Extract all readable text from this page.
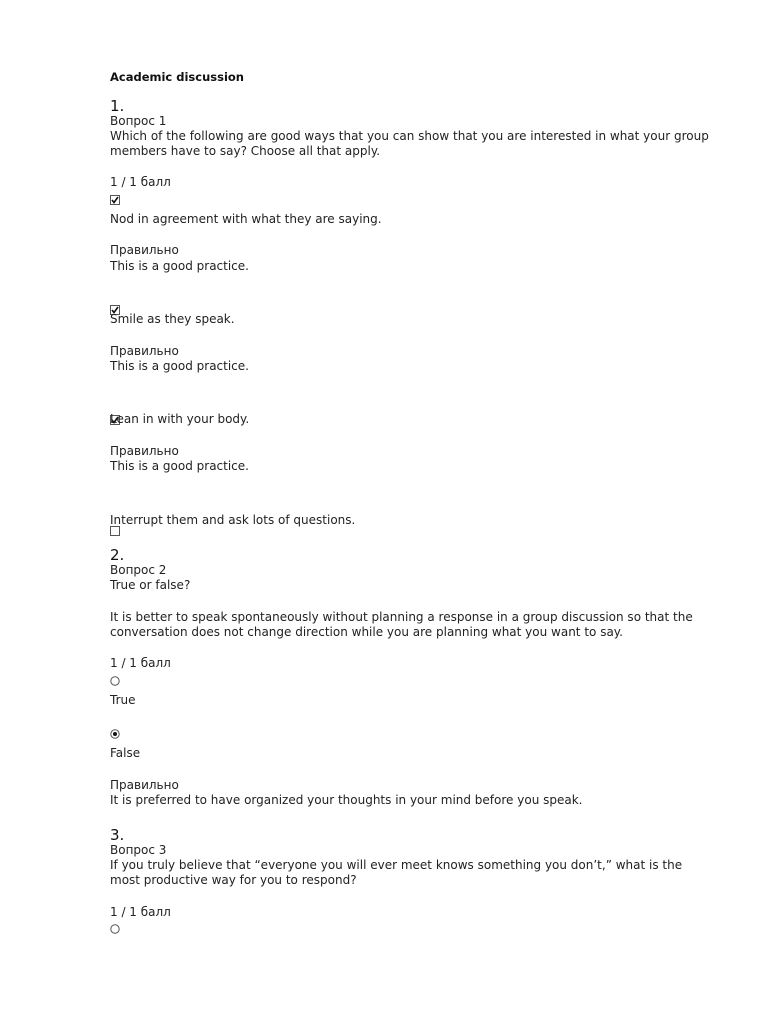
Academic discussion
1.
Вопрос 1
Which of the following are good ways that you can show that you are interested in what your group members have to say? Choose all that apply.
1 / 1 балл
Nod in agreement with what they are saying.
Правильно
This is a good practice.
Smile as they speak.
Правильно
This is a good practice.
Lean in with your body.
Правильно
This is a good practice.
Interrupt them and ask lots of questions.
2.
Вопрос 2
True or false?
It is better to speak spontaneously without planning a response in a group discussion so that the conversation does not change direction while you are planning what you want to say.
1 / 1 балл
True
False
Правильно
It is preferred to have organized your thoughts in your mind before you speak.
3.
Вопрос 3
If you truly believe that “everyone you will ever meet knows something you don’t,” what is the most productive way for you to respond?
1 / 1 балл
